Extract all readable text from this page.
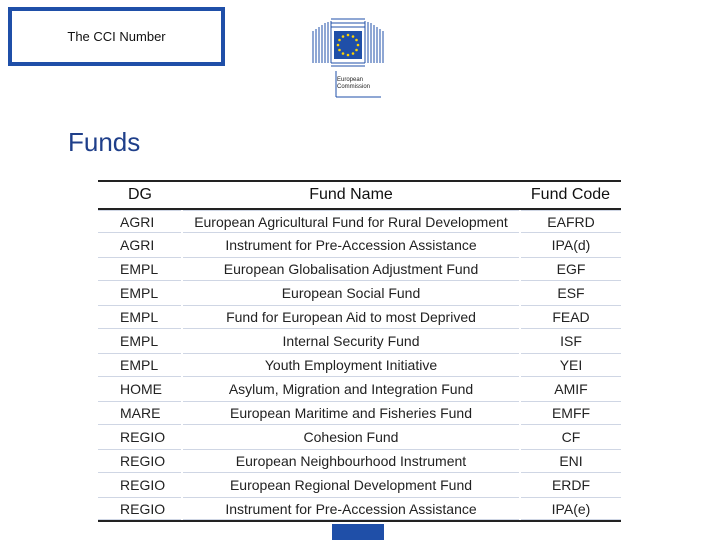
The CCI Number
European
Commission
Funds
DG	Fund Name	Fund Code
AGRI	European Agricultural Fund for Rural Development	EAFRD
AGRI	Instrument for Pre-Accession Assistance	IPA(d)
EMPL	European Globalisation Adjustment Fund	EGF
EMPL	European Social Fund	ESF
EMPL	Fund for European Aid to most Deprived	FEAD
EMPL	Internal Security Fund	ISF
EMPL	Youth Employment Initiative	YEI
HOME	Asylum, Migration and Integration Fund	AMIF
MARE	European Maritime and Fisheries Fund	EMFF
REGIO	Cohesion Fund	CF
REGIO	European Neighbourhood Instrument	ENI
REGIO	European Regional Development Fund	ERDF
REGIO	Instrument for Pre-Accession Assistance	IPA(e)
